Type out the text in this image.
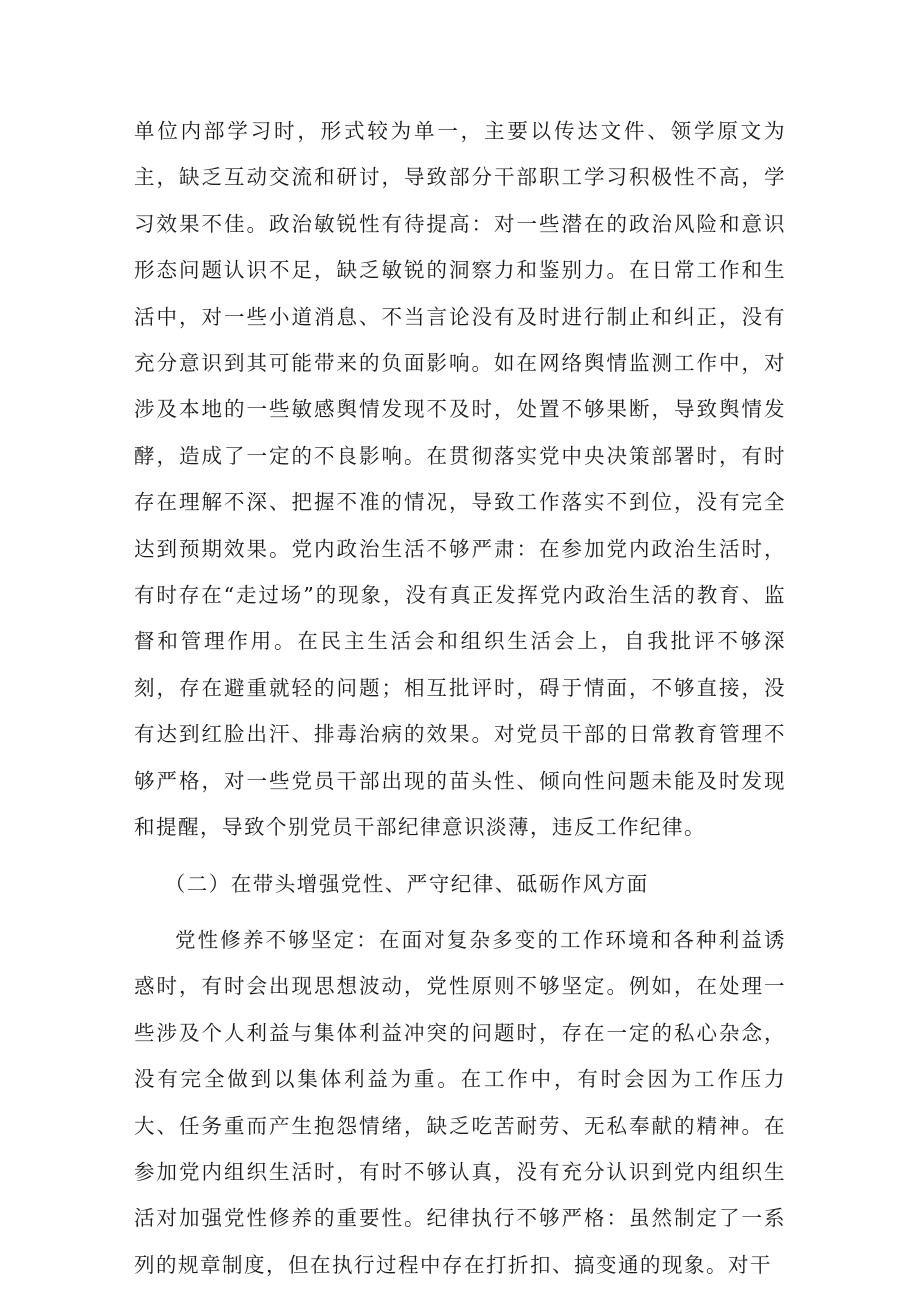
单位内部学习时，形式较为单一，主要以传达文件、领学原文为主，缺乏互动交流和研讨，导致部分干部职工学习积极性不高，学习效果不佳。政治敏锐性有待提高：对一些潜在的政治风险和意识形态问题认识不足，缺乏敏锐的洞察力和鉴别力。在日常工作和生活中，对一些小道消息、不当言论没有及时进行制止和纠正，没有充分意识到其可能带来的负面影响。如在网络舆情监测工作中，对涉及本地的一些敏感舆情发现不及时，处置不够果断，导致舆情发酵，造成了一定的不良影响。在贯彻落实党中央决策部署时，有时存在理解不深、把握不准的情况，导致工作落实不到位，没有完全达到预期效果。党内政治生活不够严肃：在参加党内政治生活时，有时存在“走过场”的现象，没有真正发挥党内政治生活的教育、监督和管理作用。在民主生活会和组织生活会上，自我批评不够深刻，存在避重就轻的问题；相互批评时，碍于情面，不够直接，没有达到红脸出汗、排毒治病的效果。对党员干部的日常教育管理不够严格，对一些党员干部出现的苗头性、倾向性问题未能及时发现和提醒，导致个别党员干部纪律意识淡薄，违反工作纪律。

（二）在带头增强党性、严守纪律、砥砺作风方面

党性修养不够坚定：在面对复杂多变的工作环境和各种利益诱惑时，有时会出现思想波动，党性原则不够坚定。例如，在处理一些涉及个人利益与集体利益冲突的问题时，存在一定的私心杂念，没有完全做到以集体利益为重。在工作中，有时会因为工作压力大、任务重而产生抱怨情绪，缺乏吃苦耐劳、无私奉献的精神。在参加党内组织生活时，有时不够认真，没有充分认识到党内组织生活对加强党性修养的重要性。纪律执行不够严格：虽然制定了一系列的规章制度，但在执行过程中存在打折扣、搞变通的现象。对干
